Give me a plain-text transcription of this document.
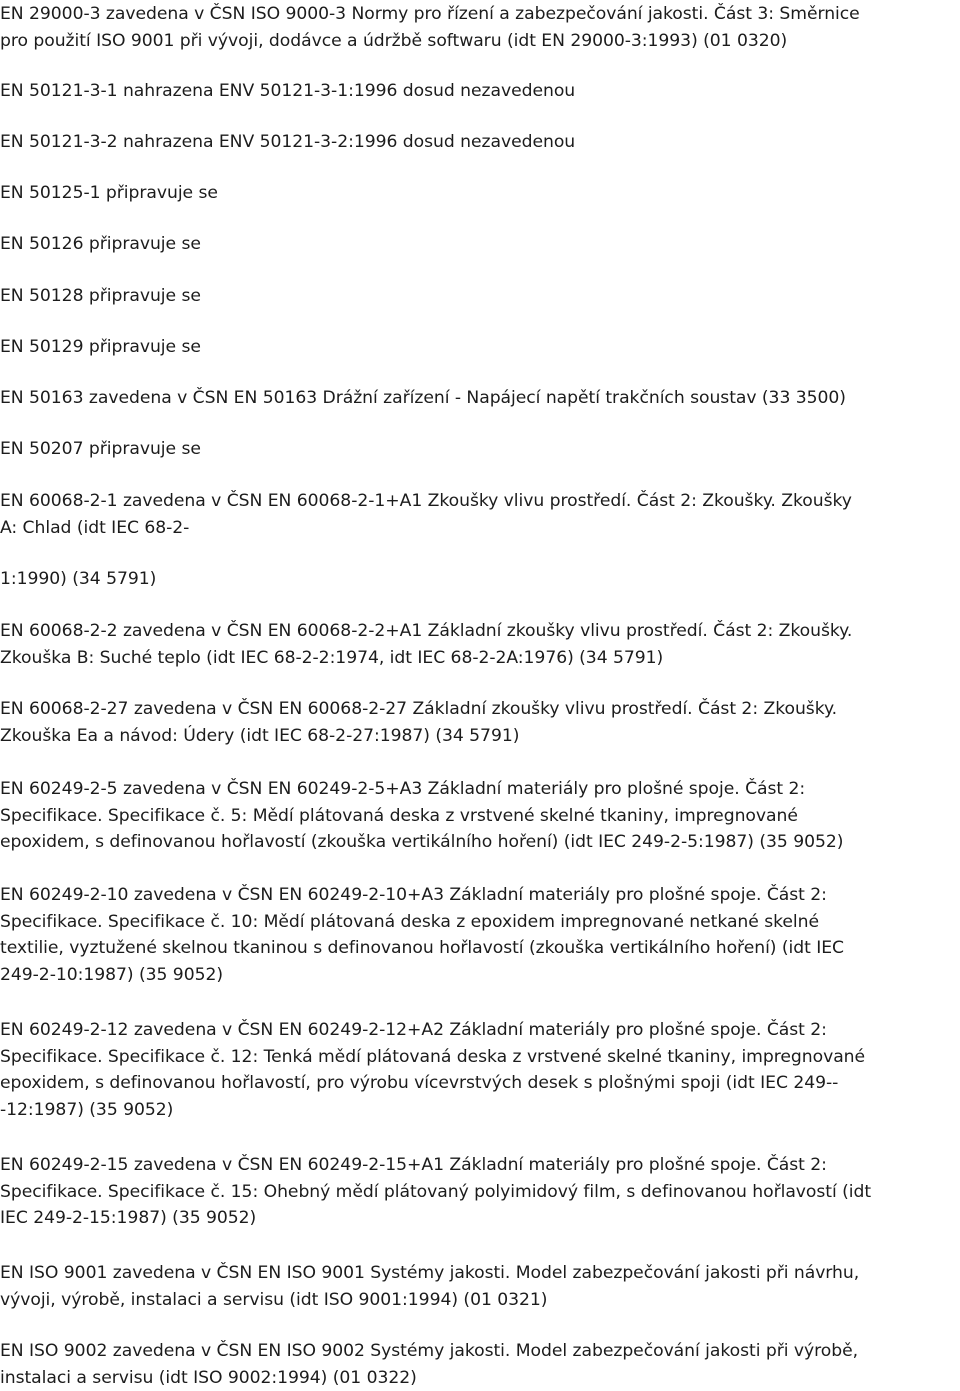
EN 29000-3 zavedena v ČSN ISO 9000-3 Normy pro řízení a zabezpečování jakosti. Část 3: Směrnice
pro použití ISO 9001 při vývoji, dodávce a údržbě softwaru (idt EN 29000-3:1993) (01 0320)
EN 50121-3-1 nahrazena ENV 50121-3-1:1996 dosud nezavedenou
EN 50121-3-2 nahrazena ENV 50121-3-2:1996 dosud nezavedenou
EN 50125-1 připravuje se
EN 50126 připravuje se
EN 50128 připravuje se
EN 50129 připravuje se
EN 50163 zavedena v ČSN EN 50163 Drážní zařízení - Napájecí napětí trakčních soustav (33 3500)
EN 50207 připravuje se
EN 60068-2-1 zavedena v ČSN EN 60068-2-1+A1 Zkoušky vlivu prostředí. Část 2: Zkoušky. Zkoušky
A: Chlad (idt IEC 68-2-
1:1990) (34 5791)
EN 60068-2-2 zavedena v ČSN EN 60068-2-2+A1 Základní zkoušky vlivu prostředí. Část 2: Zkoušky.
Zkouška B: Suché teplo (idt IEC 68-2-2:1974, idt IEC 68-2-2A:1976) (34 5791)
EN 60068-2-27 zavedena v ČSN EN 60068-2-27 Základní zkoušky vlivu prostředí. Část 2: Zkoušky.
Zkouška Ea a návod: Údery (idt IEC 68-2-27:1987) (34 5791)
EN 60249-2-5 zavedena v ČSN EN 60249-2-5+A3 Základní materiály pro plošné spoje. Část 2:
Specifikace. Specifikace č. 5: Mědí plátovaná deska z vrstvené skelné tkaniny, impregnované
epoxidem, s definovanou hořlavostí (zkouška vertikálního hoření) (idt IEC 249-2-5:1987) (35 9052)
EN 60249-2-10 zavedena v ČSN EN 60249-2-10+A3 Základní materiály pro plošné spoje. Část 2:
Specifikace. Specifikace č. 10: Mědí plátovaná deska z epoxidem impregnované netkané skelné
textilie, vyztužené skelnou tkaninou s definovanou hořlavostí (zkouška vertikálního hoření) (idt IEC
249-2-10:1987) (35 9052)
EN 60249-2-12 zavedena v ČSN EN 60249-2-12+A2 Základní materiály pro plošné spoje. Část 2:
Specifikace. Specifikace č. 12: Tenká mědí plátovaná deska z vrstvené skelné tkaniny, impregnované
epoxidem, s definovanou hořlavostí, pro výrobu vícevrstvých desek s plošnými spoji (idt IEC 249--
-12:1987) (35 9052)
EN 60249-2-15 zavedena v ČSN EN 60249-2-15+A1 Základní materiály pro plošné spoje. Část 2:
Specifikace. Specifikace č. 15: Ohebný mědí plátovaný polyimidový film, s definovanou hořlavostí (idt
IEC 249-2-15:1987) (35 9052)
EN ISO 9001 zavedena v ČSN EN ISO 9001 Systémy jakosti. Model zabezpečování jakosti při návrhu,
vývoji, výrobě, instalaci a servisu (idt ISO 9001:1994) (01 0321)
EN ISO 9002 zavedena v ČSN EN ISO 9002 Systémy jakosti. Model zabezpečování jakosti při výrobě,
instalaci a servisu (idt ISO 9002:1994) (01 0322)
